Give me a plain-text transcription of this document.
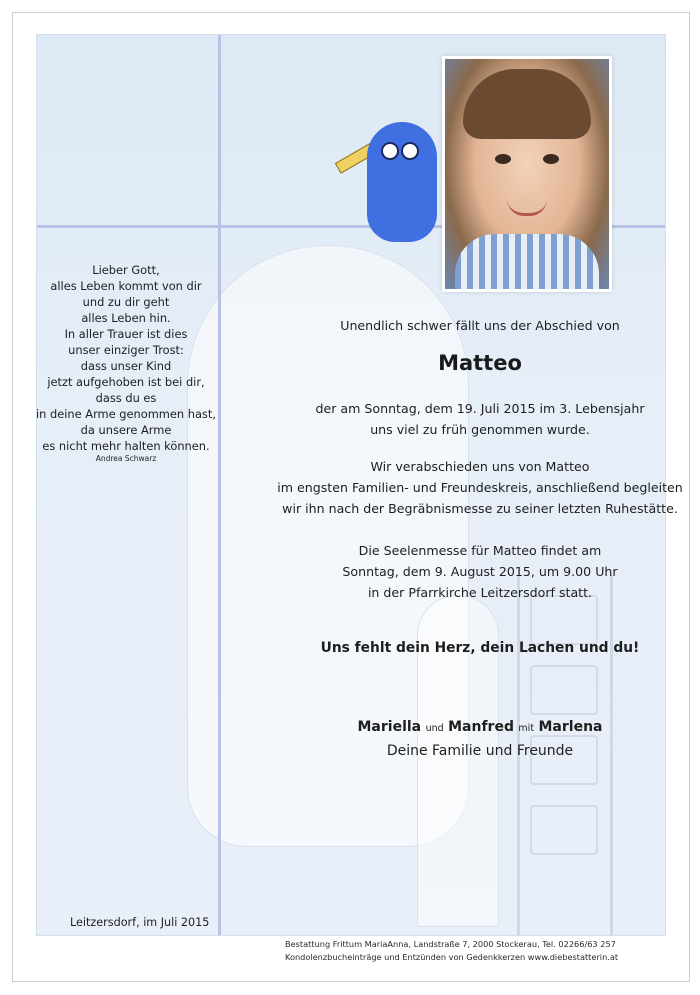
Lieber Gott,
alles Leben kommt von dir
und zu dir geht
alles Leben hin.
In aller Trauer ist dies
unser einziger Trost:
dass unser Kind
jetzt aufgehoben ist bei dir,
dass du es
in deine Arme genommen hast,
da unsere Arme
es nicht mehr halten können.
Andrea Schwarz
Unendlich schwer fällt uns der Abschied von
Matteo
der am Sonntag, dem 19. Juli 2015 im 3. Lebensjahr
uns viel zu früh genommen wurde.
Wir verabschieden uns von Matteo
im engsten Familien- und Freundeskreis, anschließend begleiten
wir ihn nach der Begräbnismesse zu seiner letzten Ruhestätte.
Die Seelenmesse für Matteo findet am
Sonntag, dem 9. August 2015, um 9.00 Uhr
in der Pfarrkirche Leitzersdorf statt.
Uns fehlt dein Herz, dein Lachen und du!
Mariella und Manfred mit Marlena
Deine Familie und Freunde
Leitzersdorf, im Juli 2015
Bestattung Frittum MariaAnna, Landstraße 7, 2000 Stockerau, Tel. 02266/63 257
Kondolenzbucheinträge und Entzünden von Gedenkkerzen www.diebestatterin.at
